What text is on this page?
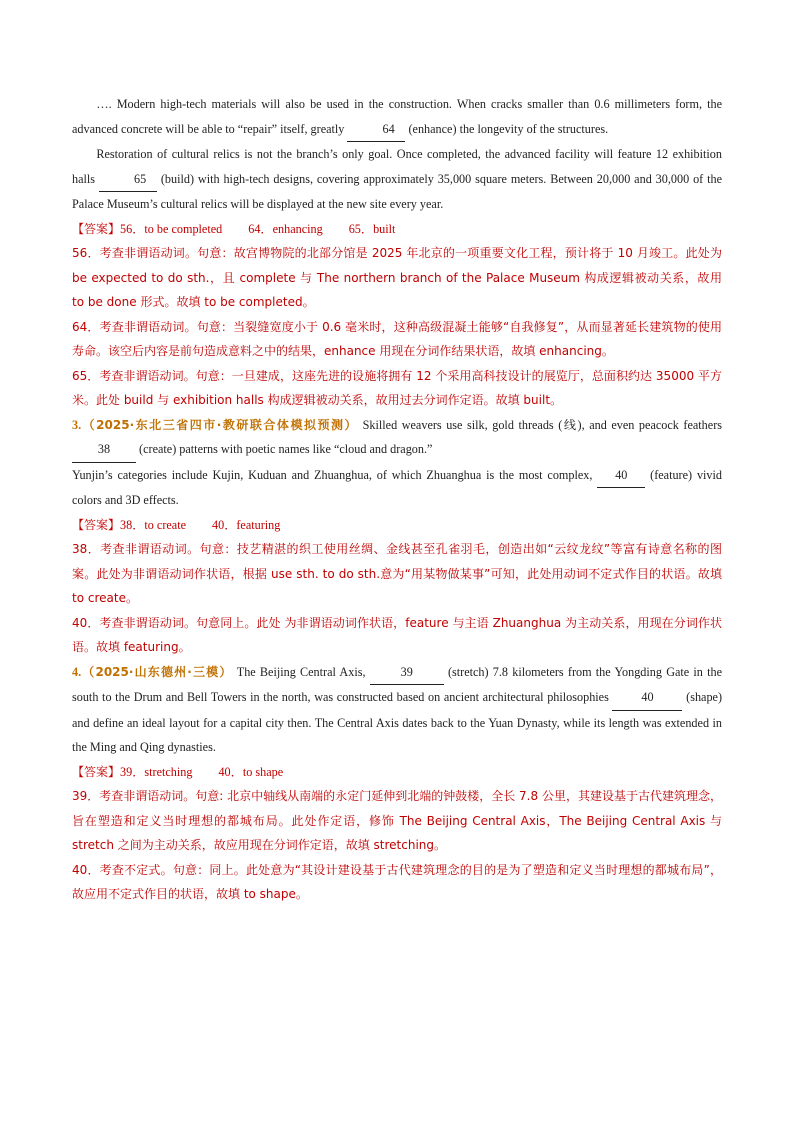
…. Modern high-tech materials will also be used in the construction. When cracks smaller than 0.6 millimeters form, the advanced concrete will be able to “repair” itself, greatly	64 (enhance) the longevity of the structures.

Restoration of cultural relics is not the branch’s only goal. Once completed, the advanced facility will feature 12 exhibition halls	65 (build) with high-tech designs, covering approximately 35,000 square meters. Between 20,000 and 30,000 of the Palace Museum’s cultural relics will be displayed at the new site every year.

【答案】56．to be completed 64．enhancing 65．built

56．考查非谓语动词。句意：故宫博物院的北部分馆是 2025 年北京的一项重要文化工程，预计将于 10 月竣工。此处为 be expected to do sth.，且 complete 与 The northern branch of the Palace Museum 构成逻辑被动关系，故用 to be done 形式。故填 to be completed。

64．考查非谓语动词。句意：当裂缝宽度小于 0.6 毫米时，这种高级混凝土能够“自我修复”，从而显著延长建筑物的使用寿命。该空后内容是前句造成意料之中的结果，enhance 用现在分词作结果状语，故填 enhancing。

65．考查非谓语动词。句意：一旦建成，这座先进的设施将拥有 12 个采用高科技设计的展览厅，总面积约达 35000 平方米。此处 build 与 exhibition halls 构成逻辑被动关系，故用过去分词作定语。故填 built。

3.（2025·东北三省四市·教研联合体模拟预测） Skilled weavers use silk, gold threads (线), and even peacock feathers 38 (create) patterns with poetic names like “cloud and dragon.”

Yunjin’s categories include Kujin, Kuduan and Zhuanghua, of which Zhuanghua is the most complex, 40 (feature) vivid colors and 3D effects.

【答案】38．to create 40．featuring

38．考查非谓语动词。句意：技艺精湛的织工使用丝绸、金线甚至孔雀羽毛，创造出如“云纹龙纹”等富有诗意名称的图案。此处为非谓语动词作状语，根据 use sth. to do sth.意为“用某物做某事”可知，此处用动词不定式作目的状语。故填 to create。

40．考查非谓语动词。句意同上。此处 为非谓语动词作状语，feature 与主语 Zhuanghua 为主动关系，用现在分词作状语。故填 featuring。

4.（2025·山东德州·三模） The Beijing Central Axis,	39	(stretch) 7.8 kilometers from the Yongding Gate in the south to the Drum and Bell Towers in the north, was constructed based on ancient architectural philosophies	40	(shape) and define an ideal layout for a capital city then. The Central Axis dates back to the Yuan Dynasty, while its length was extended in the Ming and Qing dynasties.

【答案】39．stretching 40．to shape

39．考查非谓语动词。句意: 北京中轴线从南端的永定门延伸到北端的钟鼓楼，全长 7.8 公里，其建设基于古代建筑理念，旨在塑造和定义当时理想的都城布局。此处作定语，修饰 The Beijing Central Axis，The Beijing Central Axis 与 stretch 之间为主动关系，故应用现在分词作定语，故填 stretching。

40．考查不定式。句意：同上。此处意为“其设计建设基于古代建筑理念的目的是为了塑造和定义当时理想的都城布局”，故应用不定式作目的状语，故填 to shape。
